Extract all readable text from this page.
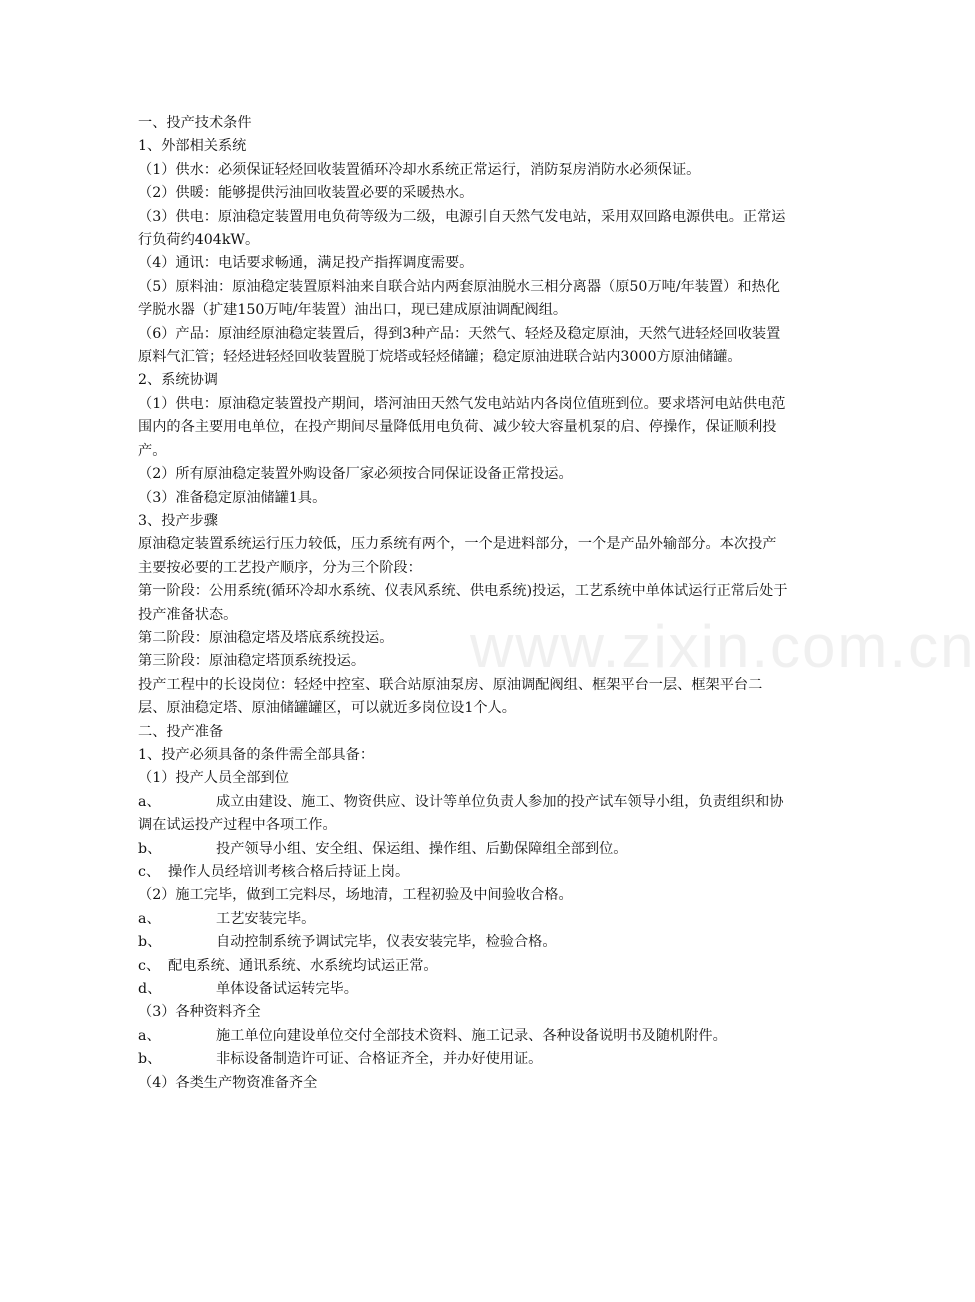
www.zixin.com.cn

一、投产技术条件

1、外部相关系统

（1）供水：必须保证轻烃回收装置循环冷却水系统正常运行，消防泵房消防水必须保证。

（2）供暖：能够提供污油回收装置必要的采暖热水。

（3）供电：原油稳定装置用电负荷等级为二级，电源引自天然气发电站，采用双回路电源供电。正常运行负荷约404kW。

（4）通讯：电话要求畅通，满足投产指挥调度需要。

（5）原料油：原油稳定装置原料油来自联合站内两套原油脱水三相分离器（原50万吨/年装置）和热化学脱水器（扩建150万吨/年装置）油出口，现已建成原油调配阀组。

（6）产品：原油经原油稳定装置后，得到3种产品：天然气、轻烃及稳定原油，天然气进轻烃回收装置原料气汇管；轻烃进轻烃回收装置脱丁烷塔或轻烃储罐；稳定原油进联合站内3000方原油储罐。

2、系统协调

（1）供电：原油稳定装置投产期间，塔河油田天然气发电站站内各岗位值班到位。要求塔河电站供电范围内的各主要用电单位，在投产期间尽量降低用电负荷、减少较大容量机泵的启、停操作，保证顺利投产。

（2）所有原油稳定装置外购设备厂家必须按合同保证设备正常投运。

（3）准备稳定原油储罐1具。

3、投产步骤

原油稳定装置系统运行压力较低，压力系统有两个，一个是进料部分，一个是产品外输部分。本次投产主要按必要的工艺投产顺序，分为三个阶段：

第一阶段：公用系统(循环冷却水系统、仪表风系统、供电系统)投运，工艺系统中单体试运行正常后处于投产准备状态。

第二阶段：原油稳定塔及塔底系统投运。

第三阶段：原油稳定塔顶系统投运。

投产工程中的长设岗位：轻烃中控室、联合站原油泵房、原油调配阀组、框架平台一层、框架平台二层、原油稳定塔、原油储罐罐区，可以就近多岗位设1个人。

二、投产准备

1、投产必须具备的条件需全部具备：

（1）投产人员全部到位

a、	成立由建设、施工、物资供应、设计等单位负责人参加的投产试车领导小组，负责组织和协调在试运投产过程中各项工作。

b、	投产领导小组、安全组、保运组、操作组、后勤保障组全部到位。

c、 操作人员经培训考核合格后持证上岗。

（2）施工完毕，做到工完料尽，场地清，工程初验及中间验收合格。

a、	工艺安装完毕。

b、	自动控制系统予调试完毕，仪表安装完毕，检验合格。

c、 配电系统、通讯系统、水系统均试运正常。

d、	单体设备试运转完毕。

（3）各种资料齐全

a、	施工单位向建设单位交付全部技术资料、施工记录、各种设备说明书及随机附件。

b、	非标设备制造许可证、合格证齐全，并办好使用证。

（4）各类生产物资准备齐全
